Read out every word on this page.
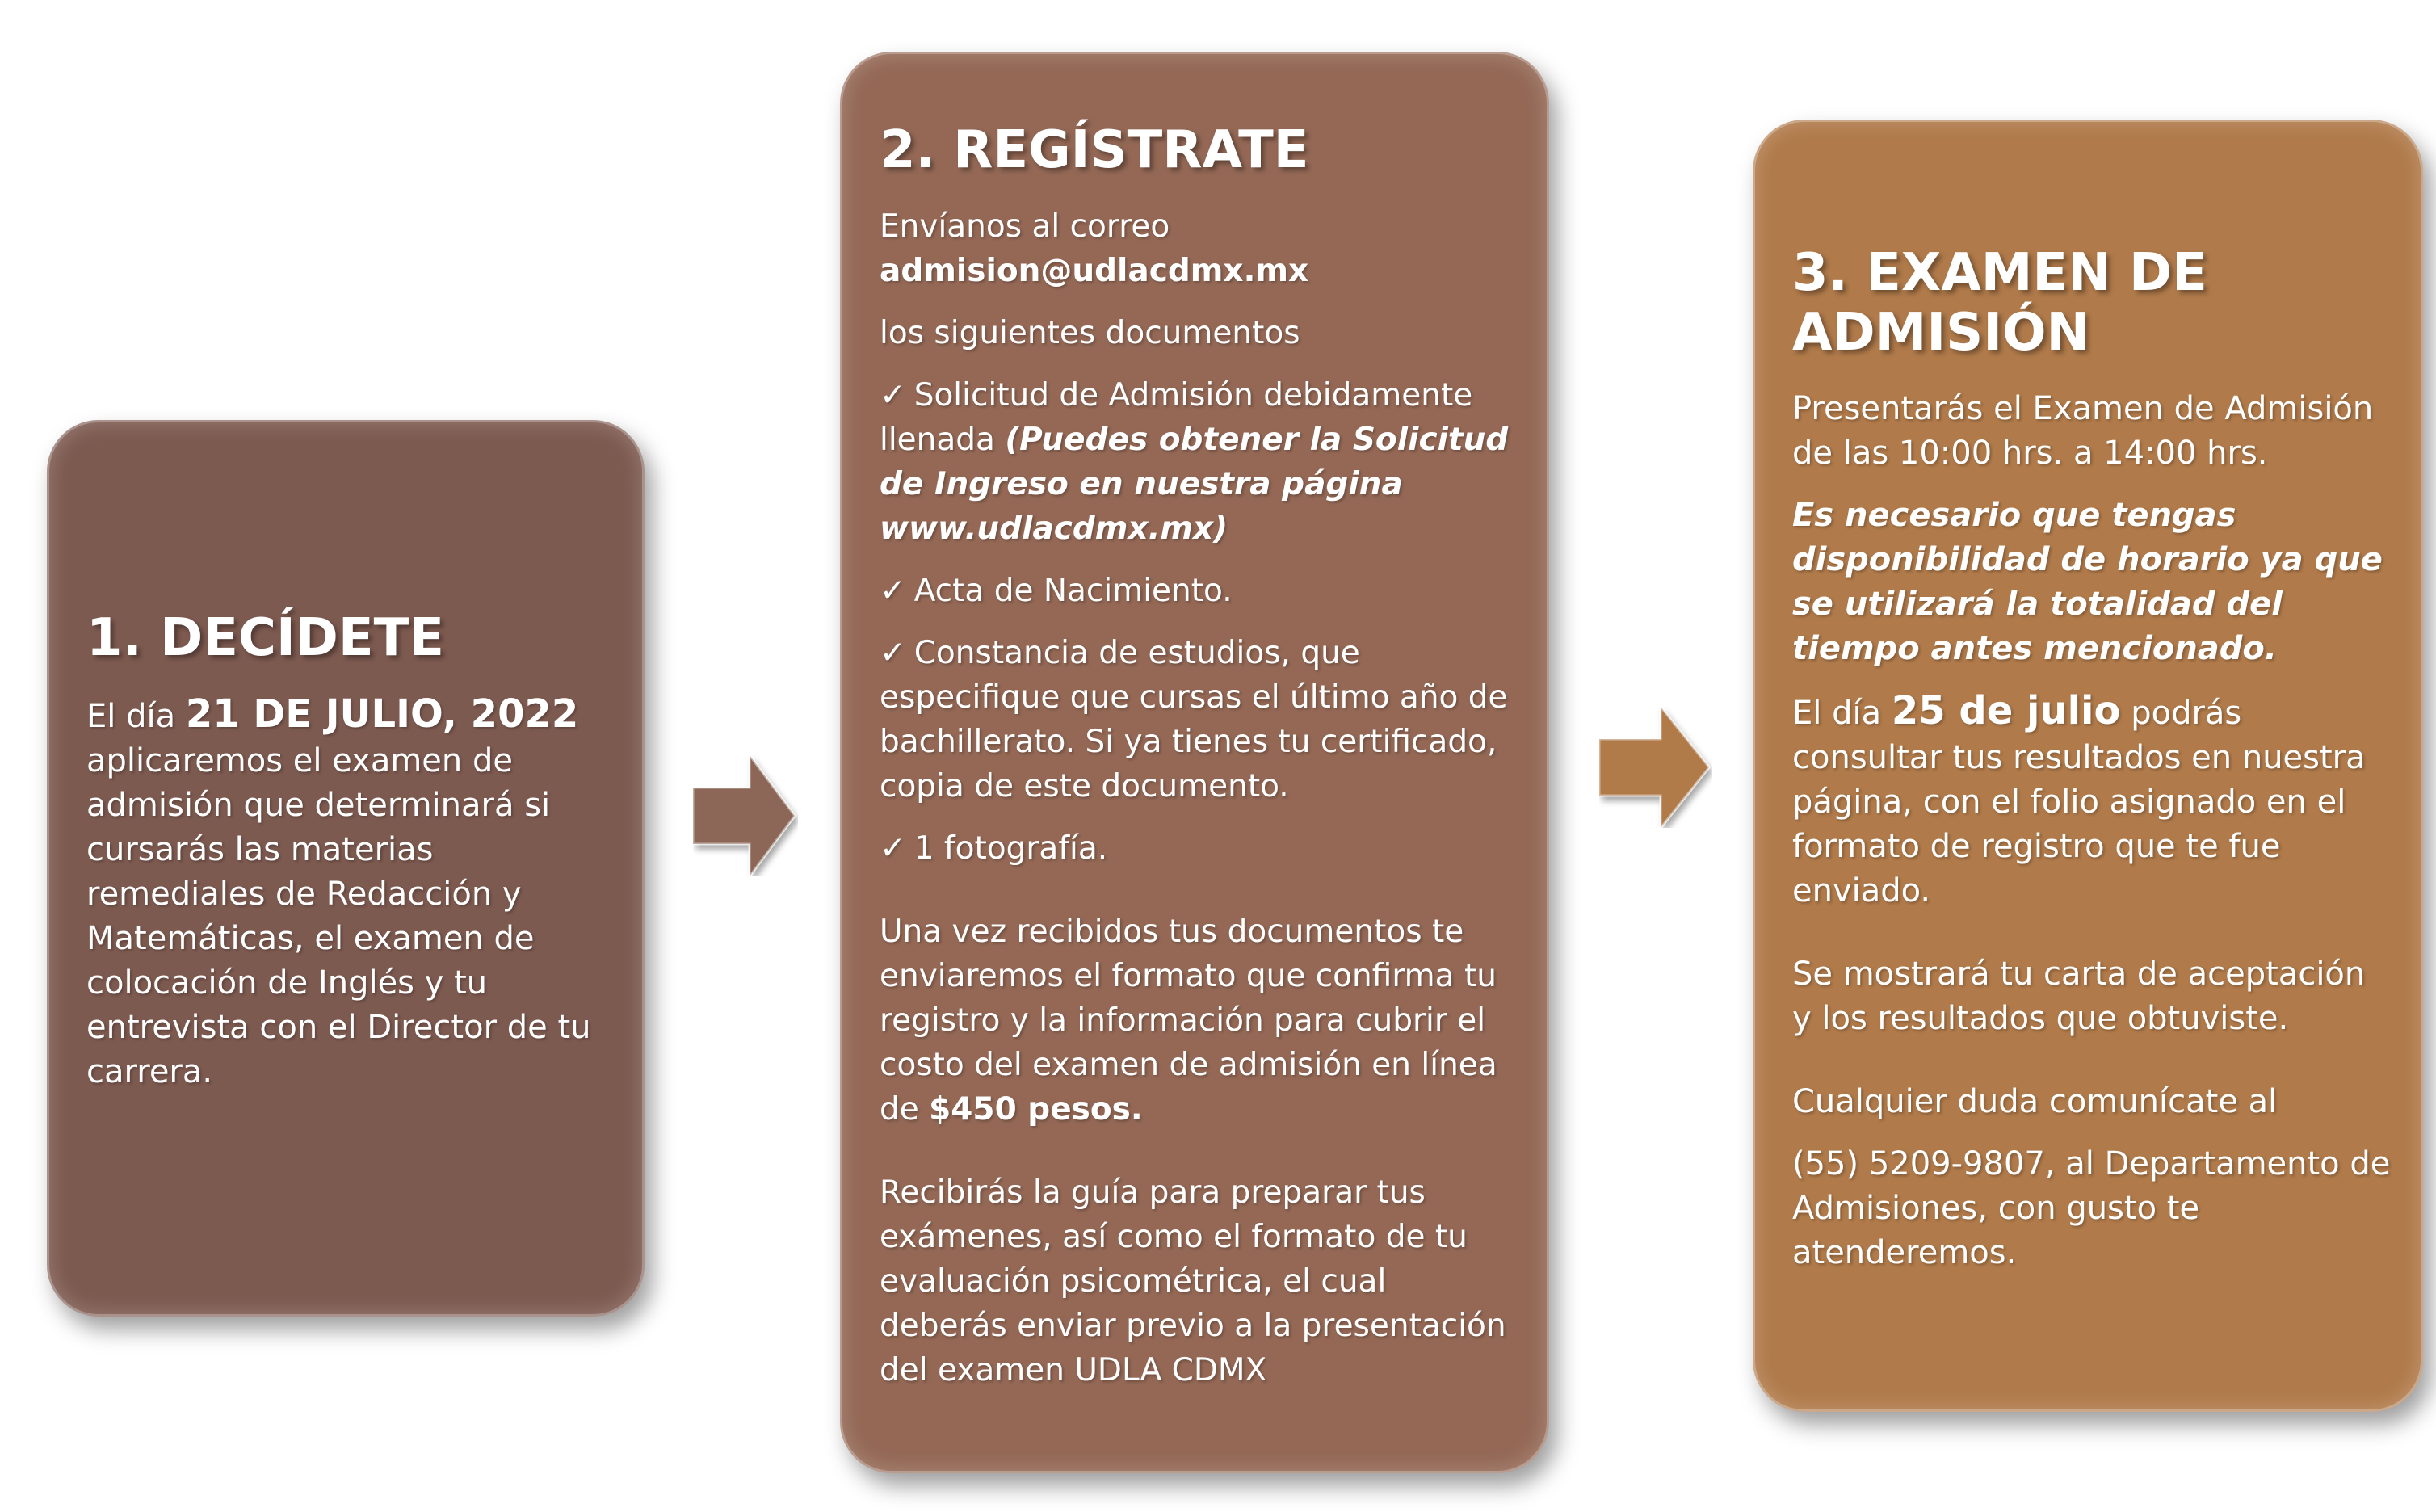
1. DECÍDETE

El día 21 DE JULIO, 2022 aplicaremos el examen de admisión que determinará si cursarás las materias remediales de Redacción y Matemáticas, el examen de colocación de Inglés y tu entrevista con el Director de tu carrera.

2. REGÍSTRATE

Envíanos al correo
admision@udlacdmx.mx

los siguientes documentos

✓ Solicitud de Admisión debidamente llenada (Puedes obtener la Solicitud de Ingreso en nuestra página www.udlacdmx.mx)

✓ Acta de Nacimiento.

✓ Constancia de estudios, que especifique que cursas el último año de bachillerato. Si ya tienes tu certificado, copia de este documento.

✓ 1 fotografía.

Una vez recibidos tus documentos te enviaremos el formato que confirma tu registro y la información para cubrir el costo del examen de admisión en línea de $450 pesos.

Recibirás la guía para preparar tus exámenes, así como el formato de tu evaluación psicométrica, el cual deberás enviar previo a la presentación del examen UDLA CDMX

3. EXAMEN DE ADMISIÓN

Presentarás el Examen de Admisión de las 10:00 hrs. a 14:00 hrs.

Es necesario que tengas disponibilidad de horario ya que se utilizará la totalidad del tiempo antes mencionado.

El día 25 de julio podrás consultar tus resultados en nuestra página, con el folio asignado en el formato de registro que te fue enviado.

Se mostrará tu carta de aceptación y los resultados que obtuviste.

Cualquier duda comunícate al

(55) 5209-9807, al Departamento de Admisiones, con gusto te atenderemos.
